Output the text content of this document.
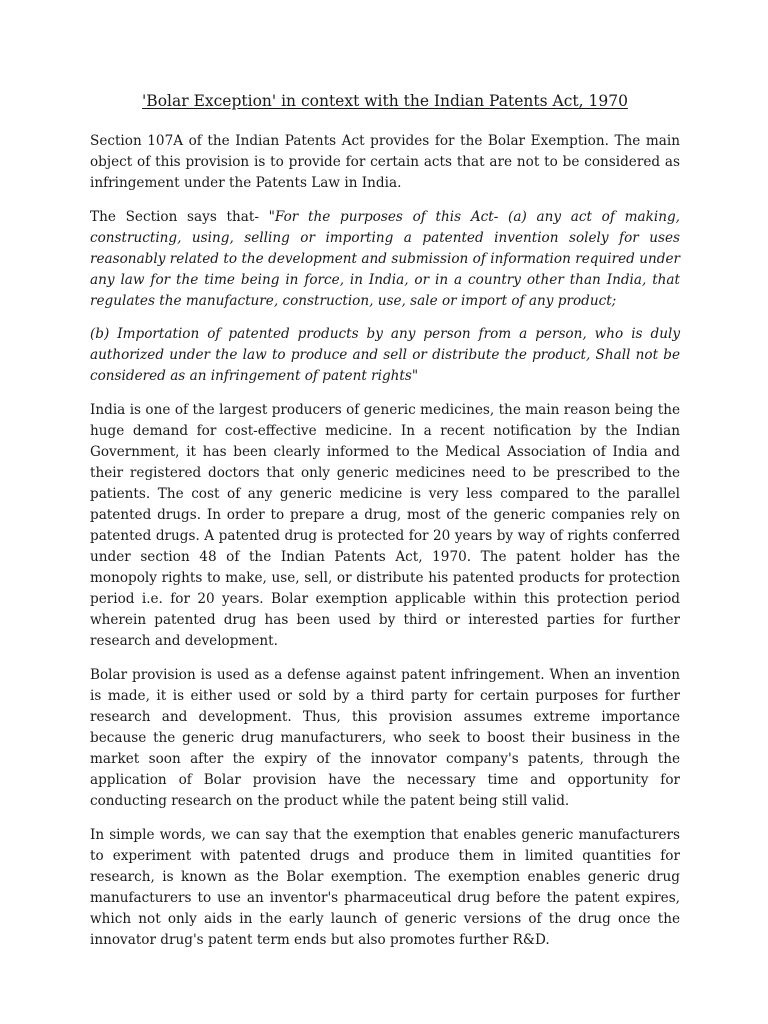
'Bolar Exception' in context with the Indian Patents Act, 1970

Section 107A of the Indian Patents Act provides for the Bolar Exemption. The main object of this provision is to provide for certain acts that are not to be considered as infringement under the Patents Law in India.

The Section says that- "For the purposes of this Act- (a) any act of making, constructing, using, selling or importing a patented invention solely for uses reasonably related to the development and submission of information required under any law for the time being in force, in India, or in a country other than India, that regulates the manufacture, construction, use, sale or import of any product;

(b) Importation of patented products by any person from a person, who is duly authorized under the law to produce and sell or distribute the product, Shall not be considered as an infringement of patent rights"

India is one of the largest producers of generic medicines, the main reason being the huge demand for cost-effective medicine. In a recent notification by the Indian Government, it has been clearly informed to the Medical Association of India and their registered doctors that only generic medicines need to be prescribed to the patients. The cost of any generic medicine is very less compared to the parallel patented drugs. In order to prepare a drug, most of the generic companies rely on patented drugs. A patented drug is protected for 20 years by way of rights conferred under section 48 of the Indian Patents Act, 1970. The patent holder has the monopoly rights to make, use, sell, or distribute his patented products for protection period i.e. for 20 years. Bolar exemption applicable within this protection period wherein patented drug has been used by third or interested parties for further research and development.

Bolar provision is used as a defense against patent infringement. When an invention is made, it is either used or sold by a third party for certain purposes for further research and development. Thus, this provision assumes extreme importance because the generic drug manufacturers, who seek to boost their business in the market soon after the expiry of the innovator company's patents, through the application of Bolar provision have the necessary time and opportunity for conducting research on the product while the patent being still valid.

In simple words, we can say that the exemption that enables generic manufacturers to experiment with patented drugs and produce them in limited quantities for research, is known as the Bolar exemption. The exemption enables generic drug manufacturers to use an inventor's pharmaceutical drug before the patent expires, which not only aids in the early launch of generic versions of the drug once the innovator drug's patent term ends but also promotes further R&D.
